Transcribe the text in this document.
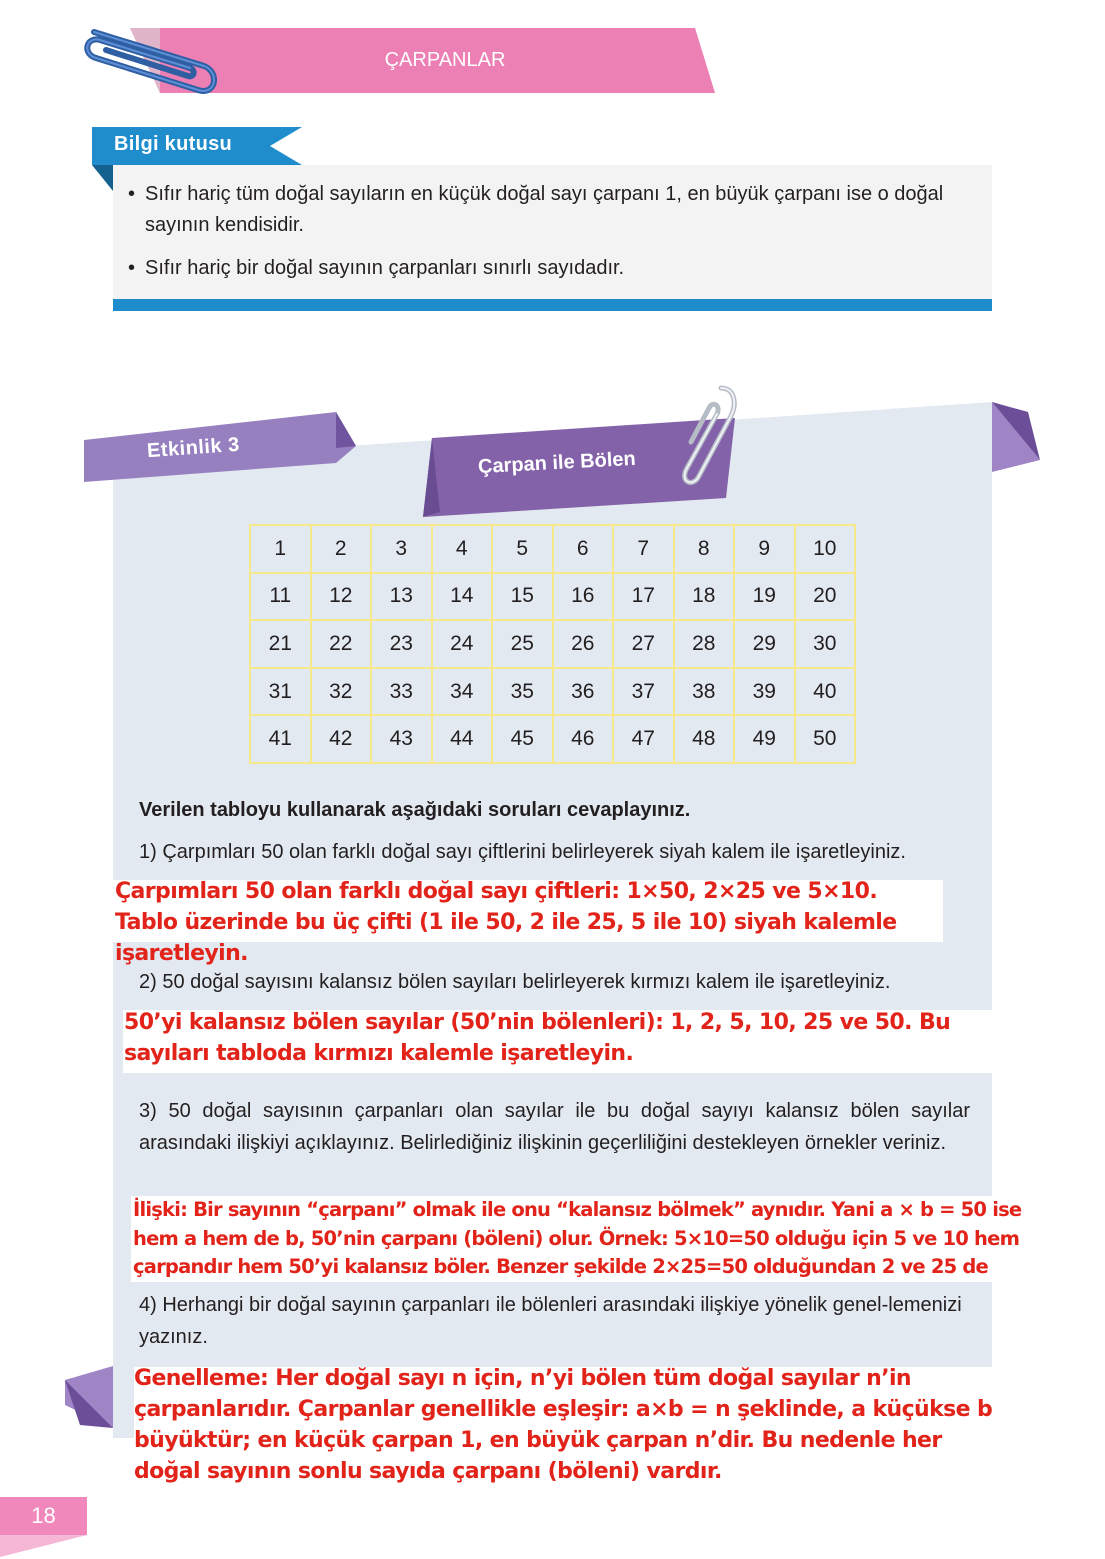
ÇARPANLAR
Bilgi kutusu
• Sıfır hariç tüm doğal sayıların en küçük doğal sayı çarpanı 1, en büyük çarpanı ise o doğal sayının kendisidir.
• Sıfır hariç bir doğal sayının çarpanları sınırlı sayıdadır.
Etkinlik 3	Çarpan ile Bölen
1	2	3	4	5	6	7	8	9	10
11	12	13	14	15	16	17	18	19	20
21	22	23	24	25	26	27	28	29	30
31	32	33	34	35	36	37	38	39	40
41	42	43	44	45	46	47	48	49	50
Verilen tabloyu kullanarak aşağıdaki soruları cevaplayınız.
1) Çarpımları 50 olan farklı doğal sayı çiftlerini belirleyerek siyah kalem ile işaretleyiniz.
Çarpımları 50 olan farklı doğal sayı çiftleri: 1×50, 2×25 ve 5×10. Tablo üzerinde bu üç çifti (1 ile 50, 2 ile 25, 5 ile 10) siyah kalemle işaretleyin.
2) 50 doğal sayısını kalansız bölen sayıları belirleyerek kırmızı kalem ile işaretleyiniz.
50’yi kalansız bölen sayılar (50’nin bölenleri): 1, 2, 5, 10, 25 ve 50. Bu sayıları tabloda kırmızı kalemle işaretleyin.
3) 50 doğal sayısının çarpanları olan sayılar ile bu doğal sayıyı kalansız bölen sayılar arasındaki ilişkiyi açıklayınız. Belirlediğiniz ilişkinin geçerliliğini destekleyen örnekler veriniz.
İlişki: Bir sayının “çarpanı” olmak ile onu “kalansız bölmek” aynıdır. Yani a × b = 50 ise hem a hem de b, 50’nin çarpanı (böleni) olur. Örnek: 5×10=50 olduğu için 5 ve 10 hem çarpandır hem 50’yi kalansız böler. Benzer şekilde 2×25=50 olduğundan 2 ve 25 de
4) Herhangi bir doğal sayının çarpanları ile bölenleri arasındaki ilişkiye yönelik genel-lemenizi yazınız.
Genelleme: Her doğal sayı n için, n’yi bölen tüm doğal sayılar n’in çarpanlarıdır. Çarpanlar genellikle eşleşir: a×b = n şeklinde, a küçükse b büyüktür; en küçük çarpan 1, en büyük çarpan n’dir. Bu nedenle her doğal sayının sonlu sayıda çarpanı (böleni) vardır.
18
